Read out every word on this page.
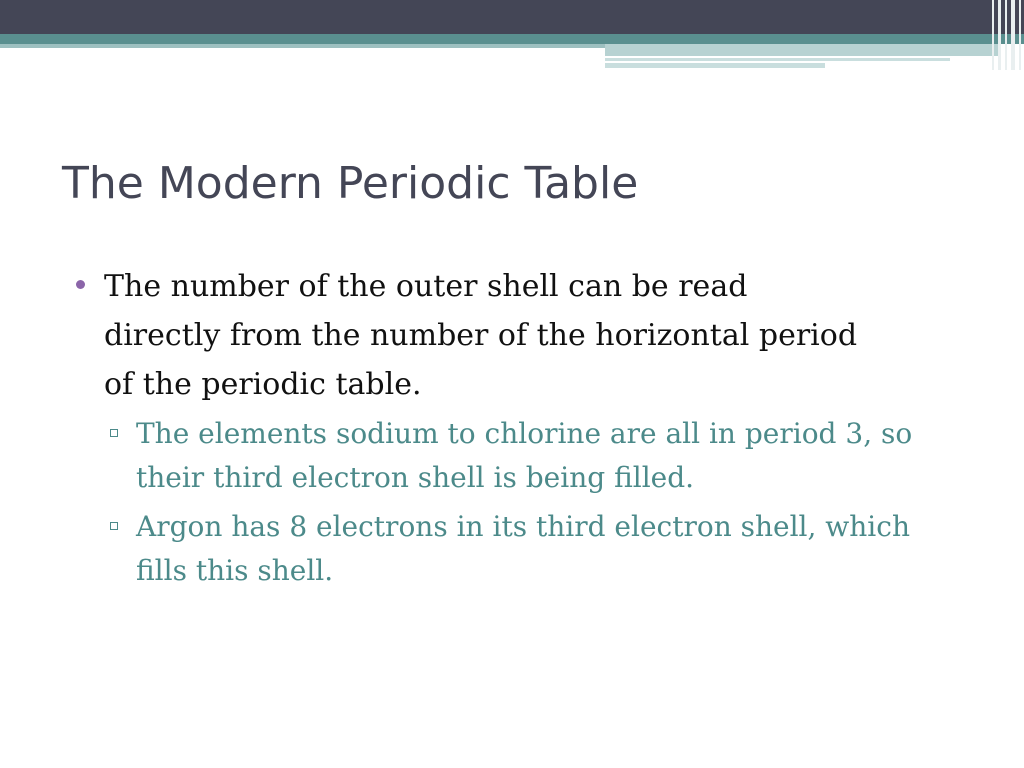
The Modern Periodic Table
The number of the outer shell can be read directly from the number of the horizontal period of the periodic table.
The elements sodium to chlorine are all in period 3, so their third electron shell is being filled.
Argon has 8 electrons in its third electron shell, which fills this shell.
